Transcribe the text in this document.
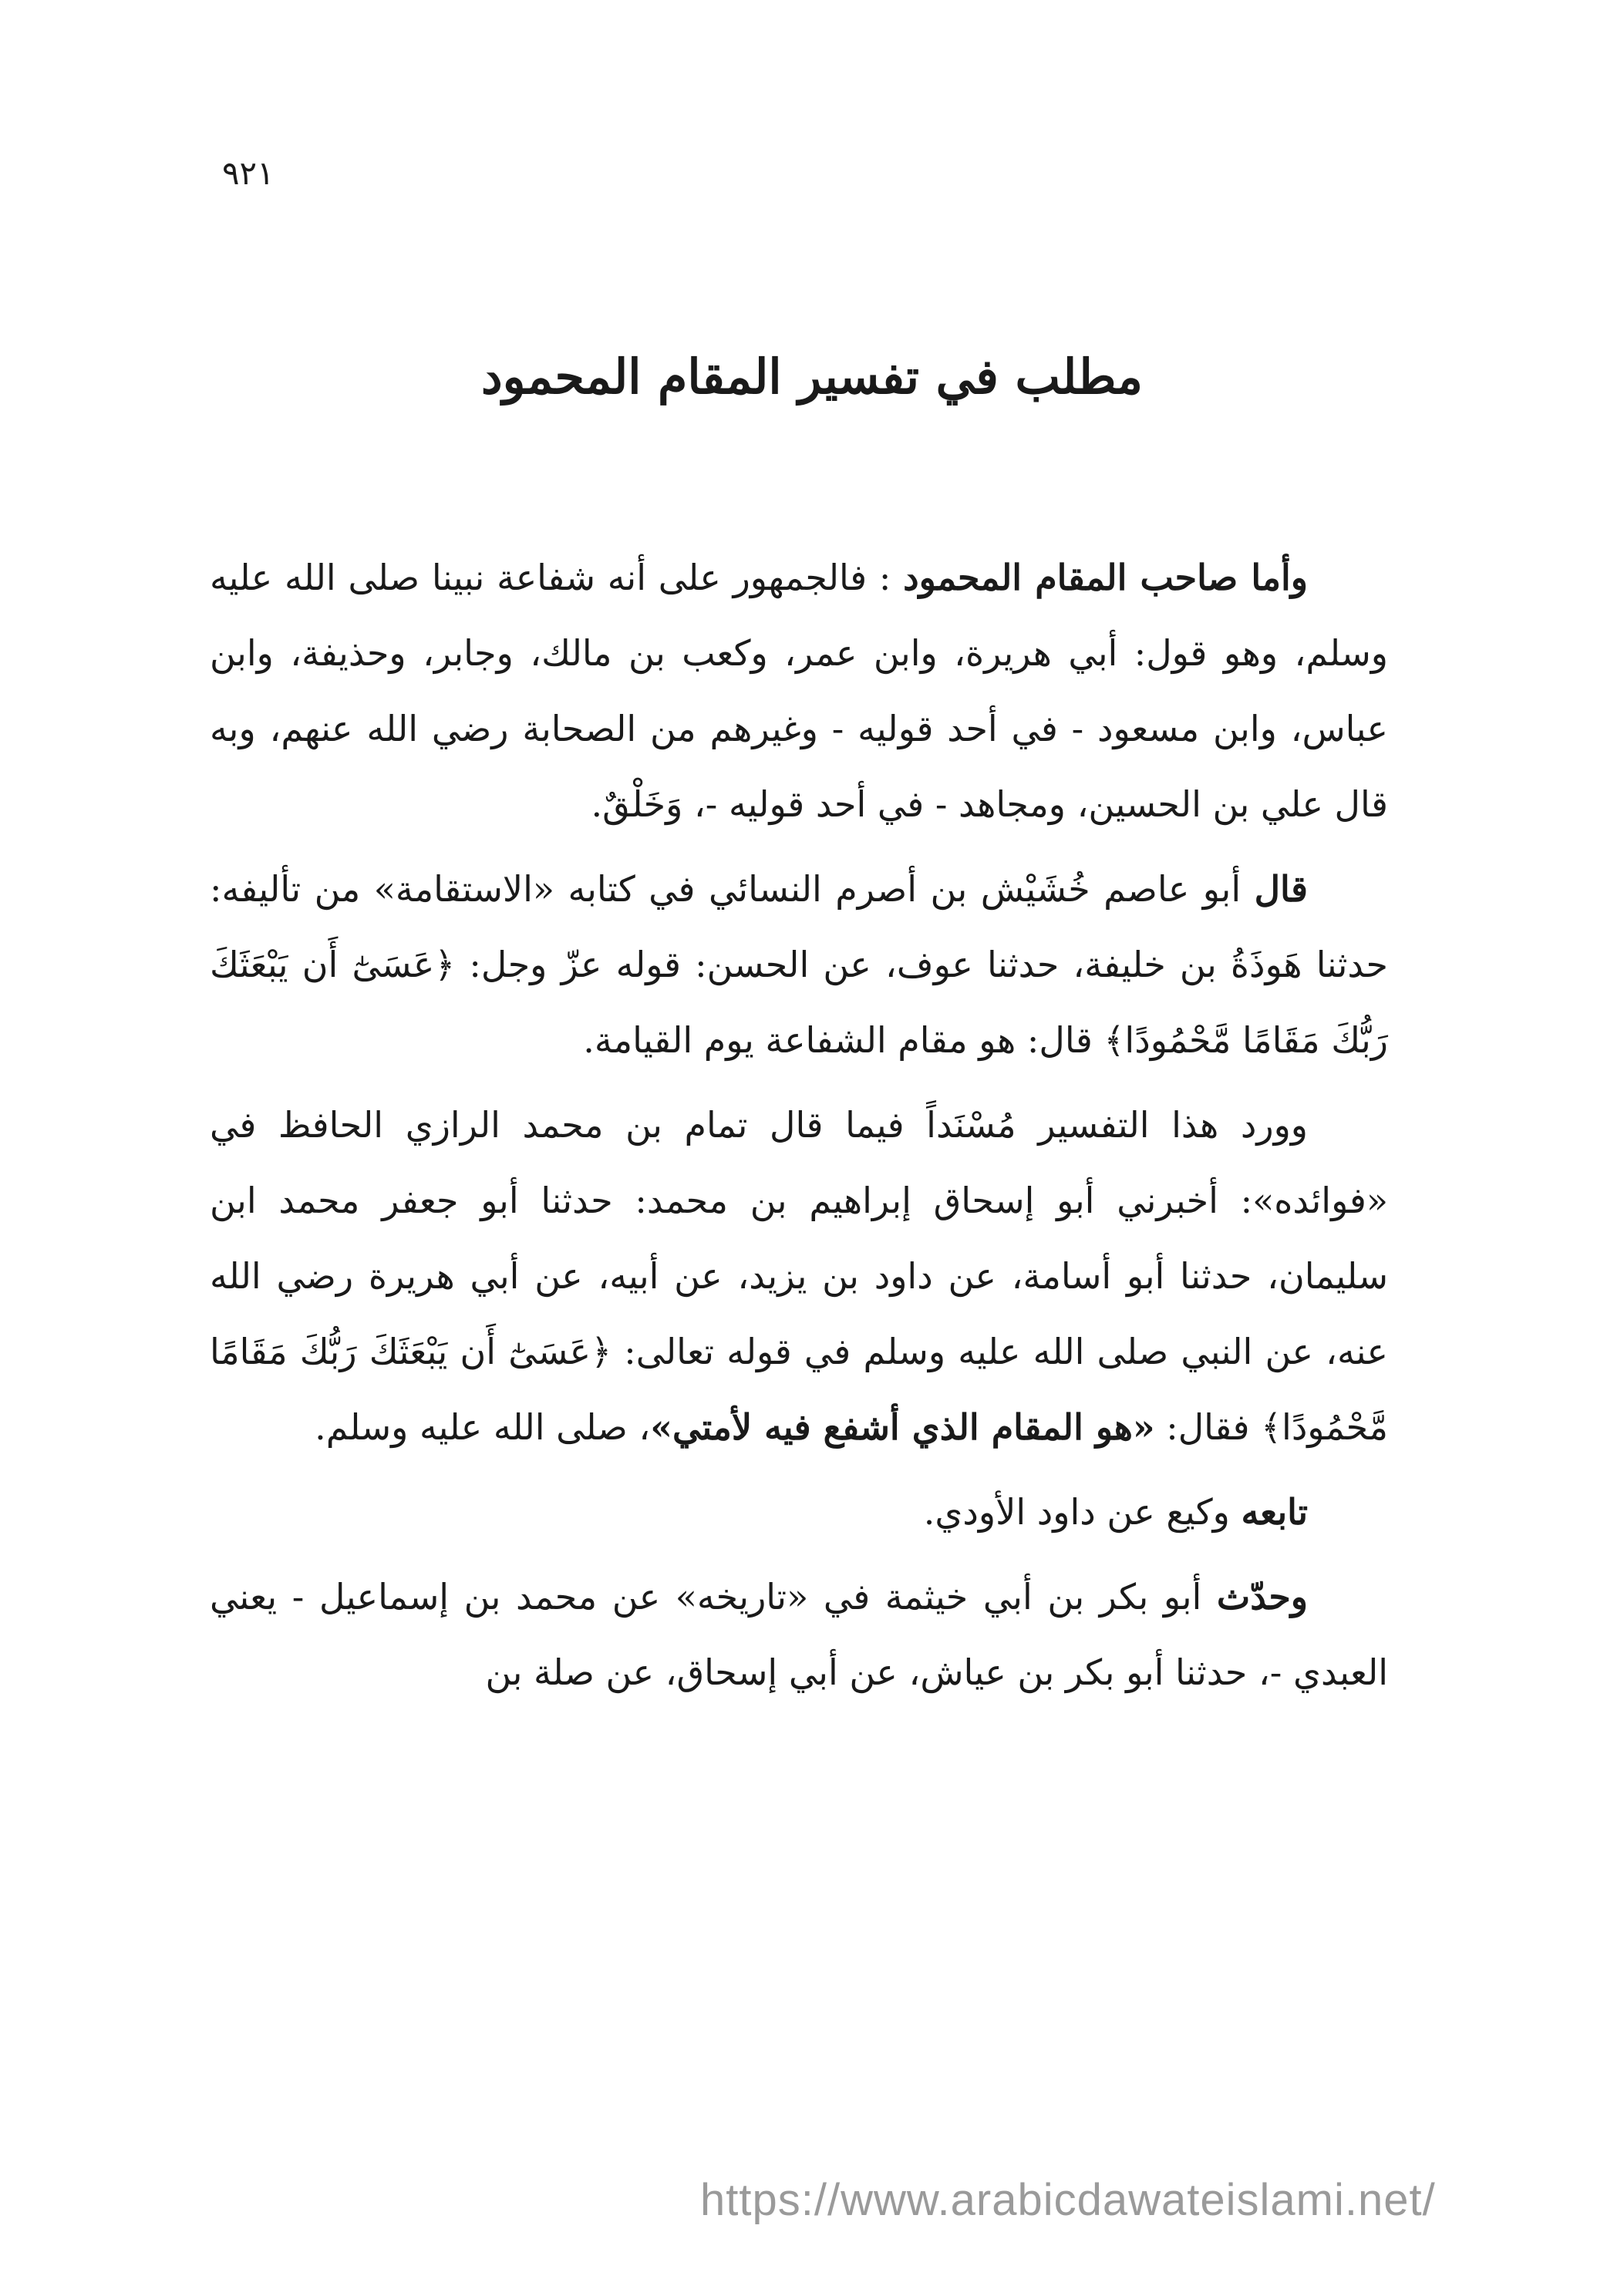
٩٢١
مطلب في تفسير المقام المحمود

وأما صاحب المقام المحمود : فالجمهور على أنه شفاعة نبينا صلى الله عليه وسلم، وهو قول: أبي هريرة، وابن عمر، وكعب بن مالك، وجابر، وحذيفة، وابن عباس، وابن مسعود - في أحد قوليه - وغيرهم من الصحابة رضي الله عنهم، وبه قال علي بن الحسين، ومجاهد - في أحد قوليه -، وَخَلْقٌ.

قال أبو عاصم خُشَيْش بن أصرم النسائي في كتابه «الاستقامة» من تأليفه: حدثنا هَوذَةُ بن خليفة، حدثنا عوف، عن الحسن: قوله عزّ وجل: ﴿عَسَىٰٓ أَن يَبْعَثَكَ رَبُّكَ مَقَامًا مَّحْمُودًا﴾ قال: هو مقام الشفاعة يوم القيامة.

وورد هذا التفسير مُسْنَداً فيما قال تمام بن محمد الرازي الحافظ في «فوائده»: أخبرني أبو إسحاق إبراهيم بن محمد: حدثنا أبو جعفر محمد ابن سليمان، حدثنا أبو أسامة، عن داود بن يزيد، عن أبيه، عن أبي هريرة رضي الله عنه، عن النبي صلى الله عليه وسلم في قوله تعالى: ﴿عَسَىٰٓ أَن يَبْعَثَكَ رَبُّكَ مَقَامًا مَّحْمُودًا﴾ فقال: «هو المقام الذي أشفع فيه لأمتي»، صلى الله عليه وسلم.

تابعه وكيع عن داود الأودي.

وحدّث أبو بكر بن أبي خيثمة في «تاريخه» عن محمد بن إسماعيل - يعني العبدي -، حدثنا أبو بكر بن عياش، عن أبي إسحاق، عن صلة بن

https://www.arabicdawateislami.net/
